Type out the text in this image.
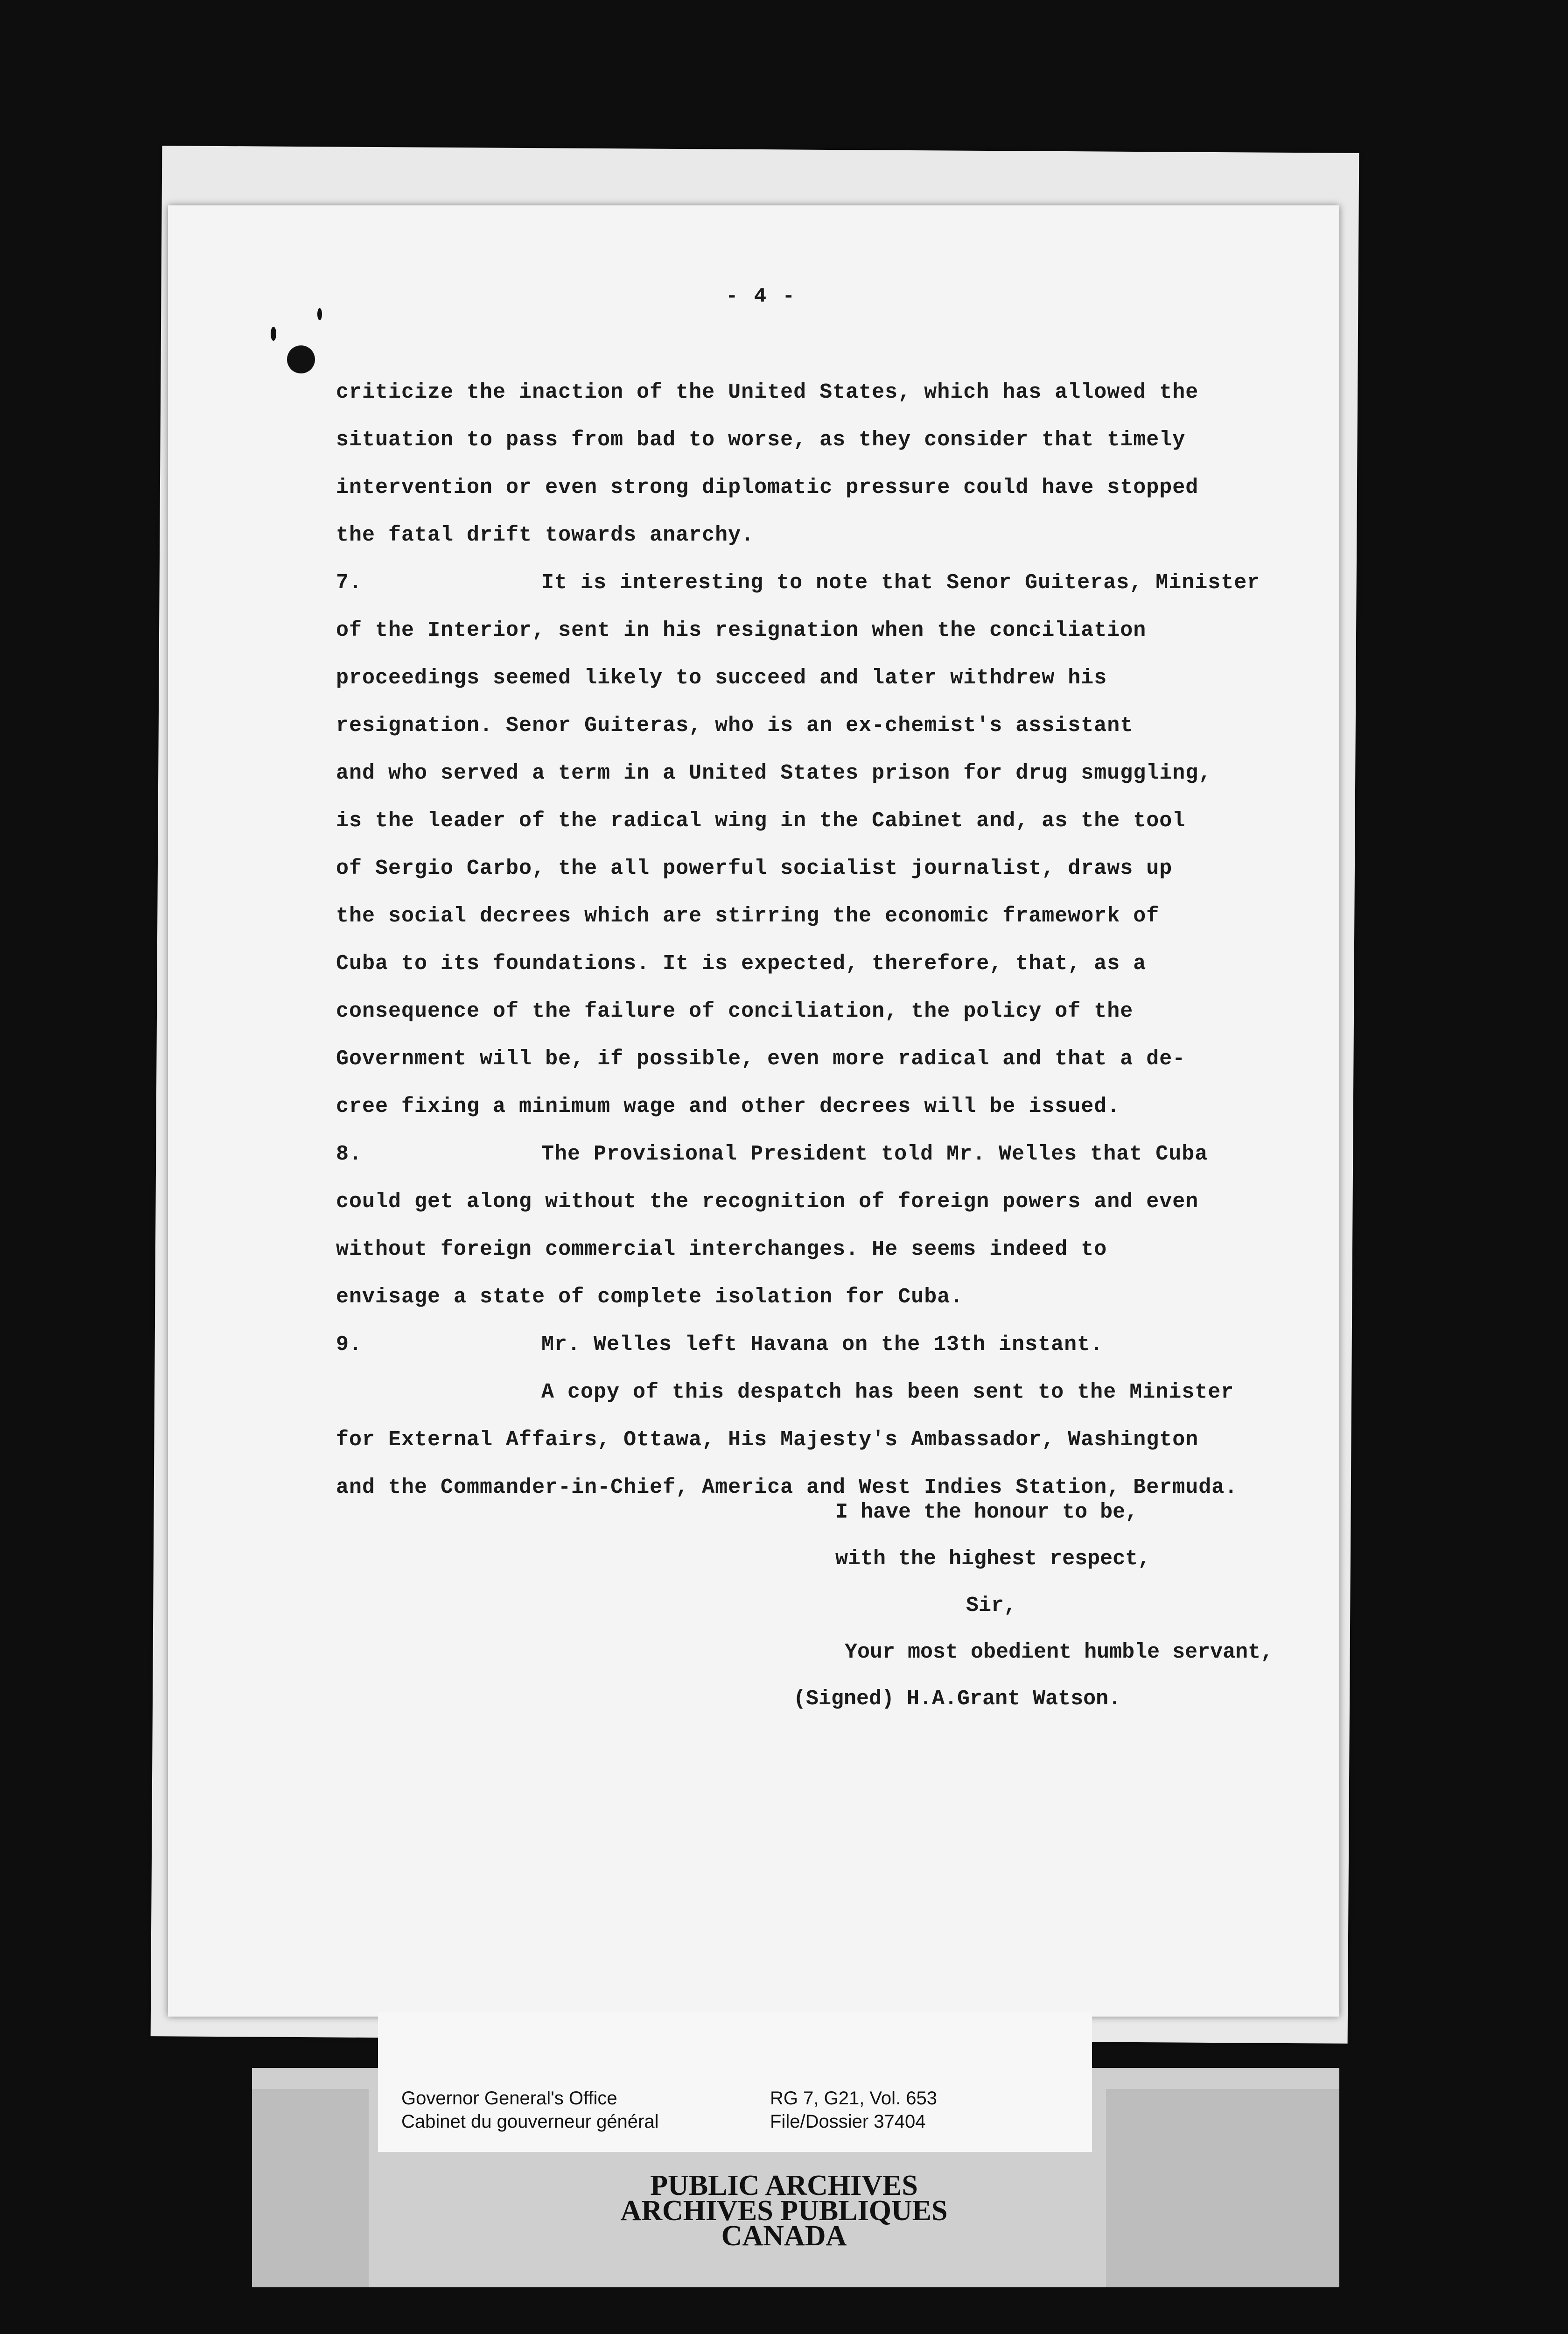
- 4 -
criticize the inaction of the United States, which has allowed the
situation to pass from bad to worse, as they consider that timely
intervention or even strong diplomatic pressure could have stopped
the fatal drift towards anarchy.
7.	It is interesting to note that Senor Guiteras, Minister
of the Interior, sent in his resignation when the conciliation
proceedings seemed likely to succeed and later withdrew his
resignation. Senor Guiteras, who is an ex-chemist's assistant
and who served a term in a United States prison for drug smuggling,
is the leader of the radical wing in the Cabinet and, as the tool
of Sergio Carbo, the all powerful socialist journalist, draws up
the social decrees which are stirring the economic framework of
Cuba to its foundations. It is expected, therefore, that, as a
consequence of the failure of conciliation, the policy of the
Government will be, if possible, even more radical and that a de-
cree fixing a minimum wage and other decrees will be issued.
8.	The Provisional President told Mr. Welles that Cuba
could get along without the recognition of foreign powers and even
without foreign commercial interchanges. He seems indeed to
envisage a state of complete isolation for Cuba.
9.	Mr. Welles left Havana on the 13th instant.
A copy of this despatch has been sent to the Minister
for External Affairs, Ottawa, His Majesty's Ambassador, Washington
and the Commander-in-Chief, America and West Indies Station, Bermuda.
I have the honour to be,
with the highest respect,
Sir,
Your most obedient humble servant,
(Signed) H.A.Grant Watson.
Governor General's Office
Cabinet du gouverneur général
RG 7, G21, Vol. 653
File/Dossier 37404
PUBLIC ARCHIVES
ARCHIVES PUBLIQUES
CANADA
